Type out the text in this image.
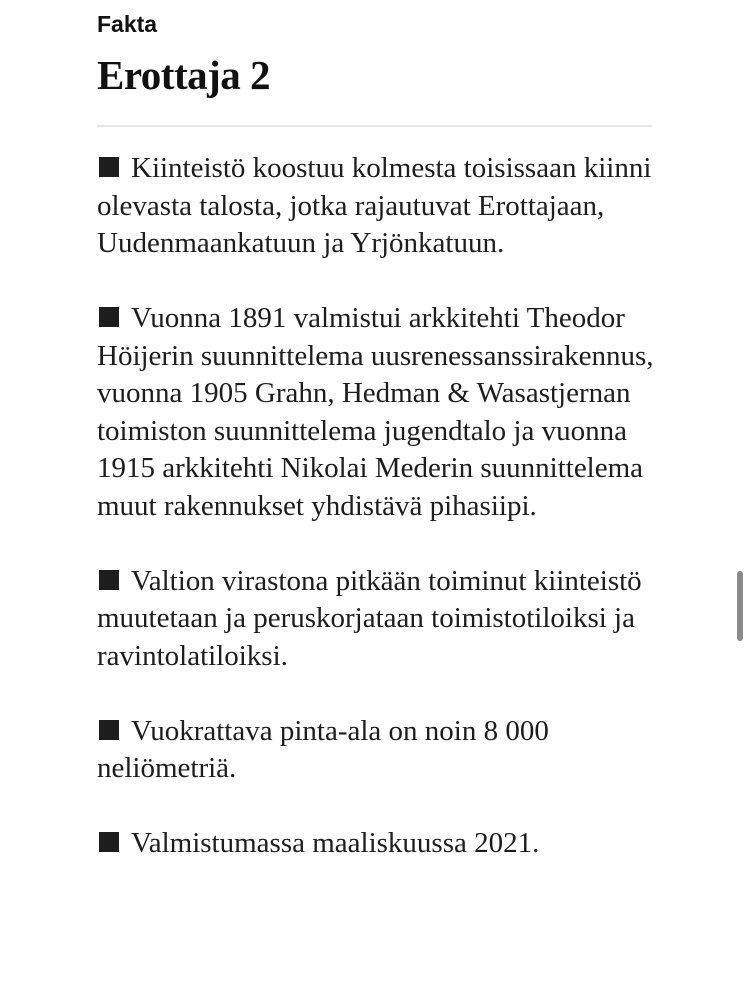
Fakta
Erottaja 2
Kiinteistö koostuu kolmesta toisissaan kiinni olevasta talosta, jotka rajautuvat Erottajaan, Uudenmaankatuun ja Yrjönkatuun.
Vuonna 1891 valmistui arkkitehti Theodor Höijerin suunnittelema uusrenessanssirakennus, vuonna 1905 Grahn, Hedman & Wasastjernan toimiston suunnittelema jugendtalo ja vuonna 1915 arkkitehti Nikolai Mederin suunnittelema muut rakennukset yhdistävä pihasiipi.
Valtion virastona pitkään toiminut kiinteistö muutetaan ja peruskorjataan toimistotiloiksi ja ravintolatiloiksi.
Vuokrattava pinta-ala on noin 8 000 neliömetriä.
Valmistumassa maaliskuussa 2021.
